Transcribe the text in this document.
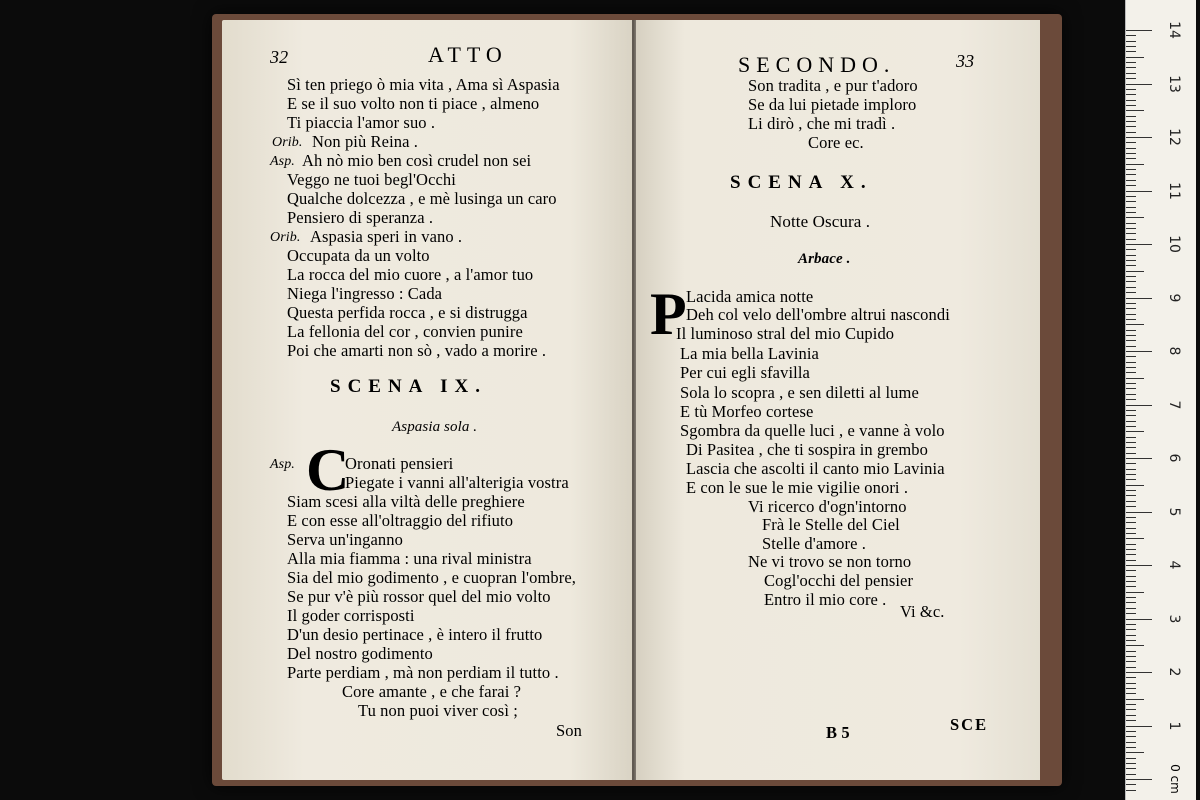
32	ATTO
Sì ten priego ò mia vita , Ama sì Aspasia
E se il suo volto non ti piace , almeno
Ti piaccia l'amor suo .
Orib. Non più Reina .
Asp. Ah nò mio ben così crudel non sei
Veggo ne tuoi begl'Occhi
Qualche dolcezza , e mè lusinga un caro
Pensiero di speranza .
Orib. Aspasia speri in vano .
Occupata da un volto
La rocca del mio cuore , a l'amor tuo
Niega l'ingresso : Cada
Questa perfida rocca , e si distrugga
La fellonia del cor , convien punire
Poi che amarti non sò , vado a morire .
SCENA IX.
Aspasia sola .
Asp. C
Oronati pensieri
Piegate i vanni all'alterigia vostra
Siam scesi alla viltà delle preghiere
E con esse all'oltraggio del rifiuto
Serva un'inganno
Alla mia fiamma : una rival ministra
Sia del mio godimento , e cuopran l'ombre,
Se pur v'è più rossor quel del mio volto
Il goder corrisposti
D'un desio pertinace , è intero il frutto
Del nostro godimento
Parte perdiam , mà non perdiam il tutto .
Core amante , e che farai ?
Tu non puoi viver così ;
Son
SECONDO.	33
Son tradita , e pur t'adoro
Se da lui pietade imploro
Li dirò , che mi tradì .
Core ec.
SCENA X.
Notte Oscura .
Arbace .
P Lacida amica notte
Deh col velo dell'ombre altrui nascondi
Il luminoso stral del mio Cupido
La mia bella Lavinia
Per cui egli sfavilla
Sola lo scopra , e sen diletti al lume
E tù Morfeo cortese
Sgombra da quelle luci , e vanne à volo
Di Pasitea , che ti sospira in grembo
Lascia che ascolti il canto mio Lavinia
E con le sue le mie vigilie onori .
Vi ricerco d'ogn'intorno
Frà le Stelle del Ciel
Stelle d'amore .
Ne vi trovo se non torno
Cogl'occhi del pensier
Entro il mio core .
Vi &c.
B 5	SCE
14
13
12
11
10
9
8
7
6
5
4
3
2
1
0 cm
